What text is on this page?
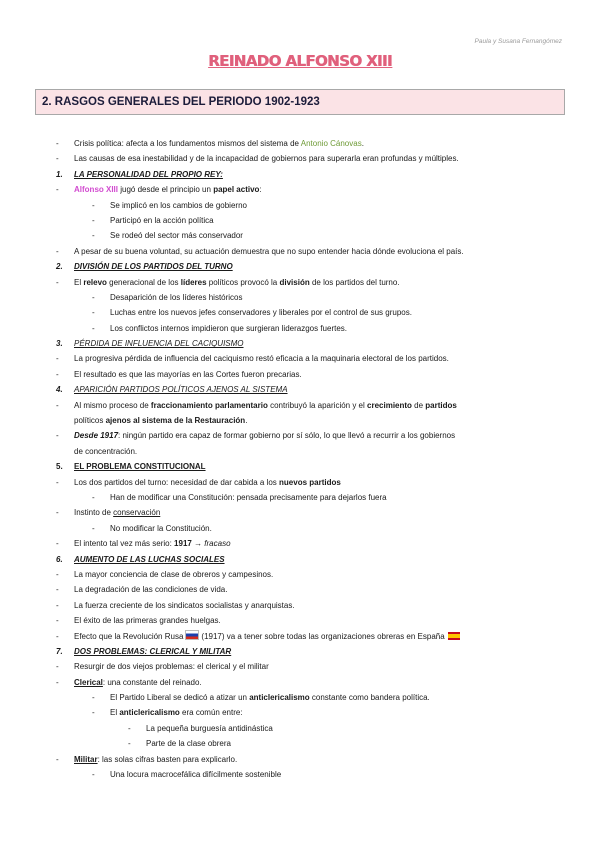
Paula y Susana Fernangómez
REINADO ALFONSO XIII
2. RASGOS GENERALES DEL PERIODO 1902-1923
-	Crisis política: afecta a los fundamentos mismos del sistema de Antonio Cánovas.
-	Las causas de esa inestabilidad y de la incapacidad de gobiernos para superarla eran profundas y múltiples.
1.	LA PERSONALIDAD DEL PROPIO REY:
-	Alfonso XIII jugó desde el principio un papel activo:
-	Se implicó en los cambios de gobierno
-	Participó en la acción política
-	Se rodeó del sector más conservador
-	A pesar de su buena voluntad, su actuación demuestra que no supo entender hacia dónde evoluciona el país.
2.	DIVISIÓN DE LOS PARTIDOS DEL TURNO
-	El relevo generacional de los líderes políticos provocó la división de los partidos del turno.
-	Desaparición de los líderes históricos
-	Luchas entre los nuevos jefes conservadores y liberales por el control de sus grupos.
-	Los conflictos internos impidieron que surgieran liderazgos fuertes.
3.	PÉRDIDA DE INFLUENCIA DEL CACIQUISMO
-	La progresiva pérdida de influencia del caciquismo restó eficacia a la maquinaria electoral de los partidos.
-	El resultado es que las mayorías en las Cortes fueron precarias.
4.	APARICIÓN PARTIDOS POLÍTICOS AJENOS AL SISTEMA
-	Al mismo proceso de fraccionamiento parlamentario contribuyó la aparición y el crecimiento de partidos
políticos ajenos al sistema de la Restauración.
-	Desde 1917: ningún partido era capaz de formar gobierno por sí sólo, lo que llevó a recurrir a los gobiernos
de concentración.
5.	EL PROBLEMA CONSTITUCIONAL
-	Los dos partidos del turno: necesidad de dar cabida a los nuevos partidos
-	Han de modificar una Constitución: pensada precisamente para dejarlos fuera
-	Instinto de conservación
-	No modificar la Constitución.
-	El intento tal vez más serio: 1917 → fracaso
6.	AUMENTO DE LAS LUCHAS SOCIALES
-	La mayor conciencia de clase de obreros y campesinos.
-	La degradación de las condiciones de vida.
-	La fuerza creciente de los sindicatos socialistas y anarquistas.
-	El éxito de las primeras grandes huelgas.
-	Efecto que la Revolución Rusa (1917) va a tener sobre todas las organizaciones obreras en España
7.	DOS PROBLEMAS: CLERICAL Y MILITAR
-	Resurgir de dos viejos problemas: el clerical y el militar
-	Clerical: una constante del reinado.
-	El Partido Liberal se dedicó a atizar un anticlericalismo constante como bandera política.
-	El anticlericalismo era común entre:
-	La pequeña burguesía antidinástica
-	Parte de la clase obrera
-	Militar: las solas cifras basten para explicarlo.
-	Una locura macrocefálica difícilmente sostenible
